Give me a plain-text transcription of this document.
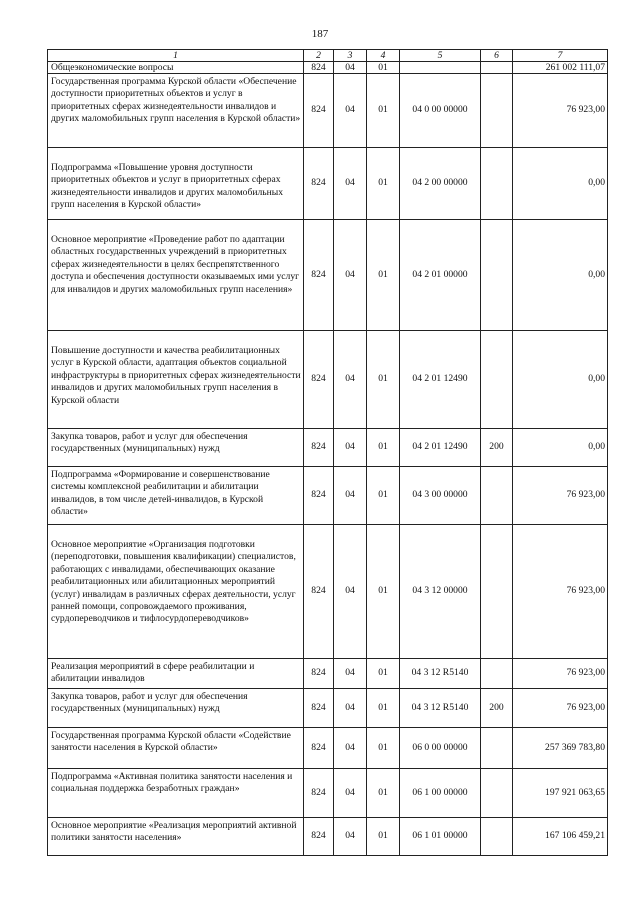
187
1	2	3	4	5	6	7
Общеэкономические вопросы	824	04	01			261 002 111,07
Государственная программа Курской области «Обеспечение доступности приоритетных объектов и услуг в приоритетных сферах жизнедеятельности инвалидов и других маломобильных групп населения в Курской области»	824	04	01	04 0 00 00000		76 923,00
Подпрограмма «Повышение уровня доступности приоритетных объектов и услуг в приоритетных сферах жизнедеятельности инвалидов и других маломобильных групп населения в Курской области»	824	04	01	04 2 00 00000		0,00
Основное мероприятие «Проведение работ по адаптации областных государственных учреждений в приоритетных сферах жизнедеятельности в целях беспрепятственного доступа и обеспечения доступности оказываемых ими услуг для инвалидов и других маломобильных групп населения»	824	04	01	04 2 01 00000		0,00
Повышение доступности и качества реабилитационных услуг в Курской области, адаптация объектов социальной инфраструктуры в приоритетных сферах жизнедеятельности инвалидов и других маломобильных групп населения в Курской области	824	04	01	04 2 01 12490		0,00
Закупка товаров, работ и услуг для обеспечения государственных (муниципальных) нужд	824	04	01	04 2 01 12490	200	0,00
Подпрограмма «Формирование и совершенствование системы комплексной реабилитации и абилитации инвалидов, в том числе детей-инвалидов, в Курской области»	824	04	01	04 3 00 00000		76 923,00
Основное мероприятие «Организация подготовки (переподготовки, повышения квалификации) специалистов, работающих с инвалидами, обеспечивающих оказание реабилитационных или абилитационных мероприятий (услуг) инвалидам в различных сферах деятельности, услуг ранней помощи, сопровождаемого проживания, сурдопереводчиков и тифлосурдопереводчиков»	824	04	01	04 3 12 00000		76 923,00
Реализация мероприятий в сфере реабилитации и абилитации инвалидов	824	04	01	04 3 12 R5140		76 923,00
Закупка товаров, работ и услуг для обеспечения государственных (муниципальных) нужд	824	04	01	04 3 12 R5140	200	76 923,00
Государственная программа Курской области «Содействие занятости населения в Курской области»	824	04	01	06 0 00 00000		257 369 783,80
Подпрограмма «Активная политика занятости населения и социальная поддержка безработных граждан»	824	04	01	06 1 00 00000		197 921 063,65
Основное мероприятие «Реализация мероприятий активной политики занятости населения»	824	04	01	06 1 01 00000		167 106 459,21
